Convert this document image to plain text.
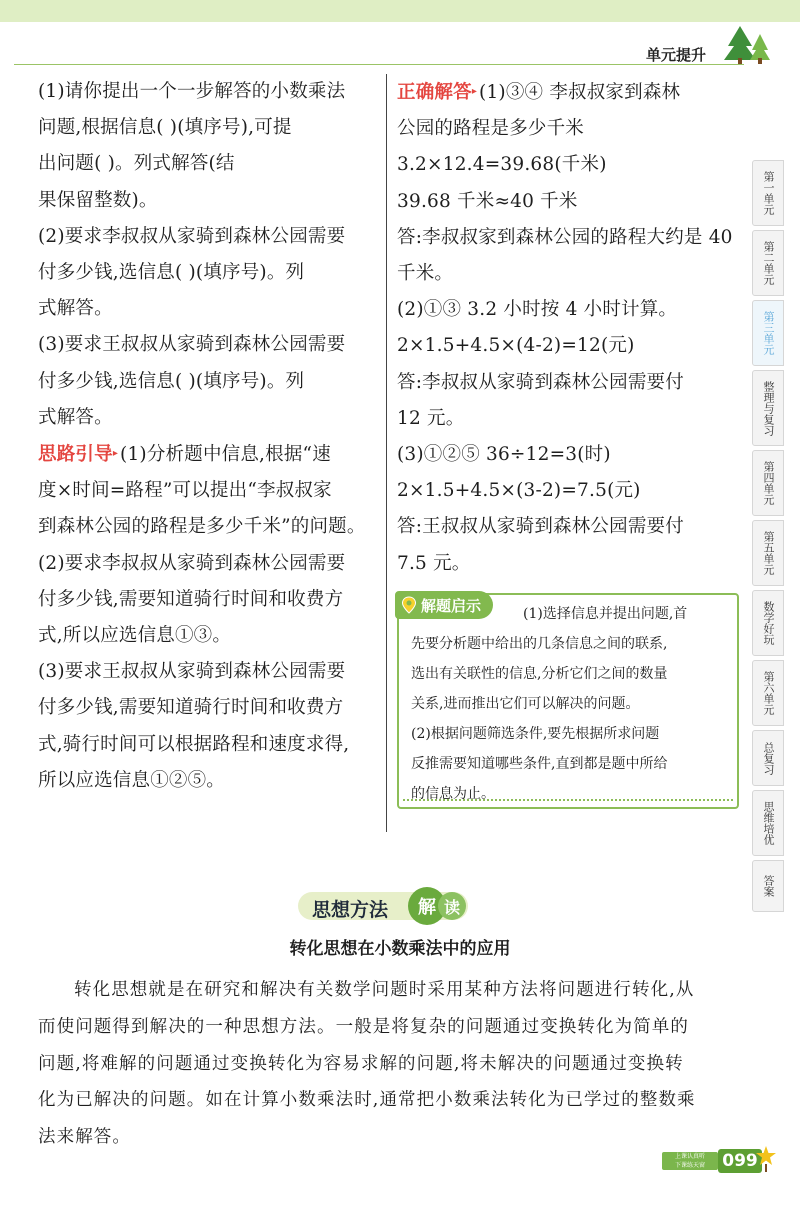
单元提升
(1)请你提出一个一步解答的小数乘法
问题,根据信息( )(填序号),可提
出问题( )。列式解答(结
果保留整数)。
(2)要求李叔叔从家骑到森林公园需要
付多少钱,选信息( )(填序号)。列
式解答。
(3)要求王叔叔从家骑到森林公园需要
付多少钱,选信息( )(填序号)。列
式解答。
思路引导▸ (1)分析题中信息,根据“速
度×时间=路程”可以提出“李叔叔家
到森林公园的路程是多少千米”的问题。
(2)要求李叔叔从家骑到森林公园需要
付多少钱,需要知道骑行时间和收费方
式,所以应选信息①③。
(3)要求王叔叔从家骑到森林公园需要
付多少钱,需要知道骑行时间和收费方
式,骑行时间可以根据路程和速度求得,
所以应选信息①②⑤。
正确解答▸ (1)③④ 李叔叔家到森林
公园的路程是多少千米
3.2×12.4=39.68(千米)
39.68 千米≈40 千米
答:李叔叔家到森林公园的路程大约是 40
千米。
(2)①③ 3.2 小时按 4 小时计算。
2×1.5+4.5×(4-2)=12(元)
答:李叔叔从家骑到森林公园需要付
12 元。
(3)①②⑤ 36÷12=3(时)
2×1.5+4.5×(3-2)=7.5(元)
答:王叔叔从家骑到森林公园需要付
7.5 元。
解题启示	(1)选择信息并提出问题,首
先要分析题中给出的几条信息之间的联系,
选出有关联性的信息,分析它们之间的数量
关系,进而推出它们可以解决的问题。
(2)根据问题筛选条件,要先根据所求问题
反推需要知道哪些条件,直到都是题中所给
的信息为止。
第一单元
第二单元
第三单元
整理与复习
第四单元
第五单元
数学好玩
第六单元
总复习
思维培优
答案
思想方法	解 读
转化思想在小数乘法中的应用
转化思想就是在研究和解决有关数学问题时采用某种方法将问题进行转化,从
而使问题得到解决的一种思想方法。一般是将复杂的问题通过变换转化为简单的
问题,将难解的问题通过变换转化为容易求解的问题,将未解决的问题通过变换转
化为已解决的问题。如在计算小数乘法时,通常把小数乘法转化为已学过的整数乘
法来解答。
上课认真听
下课练天窗	099
